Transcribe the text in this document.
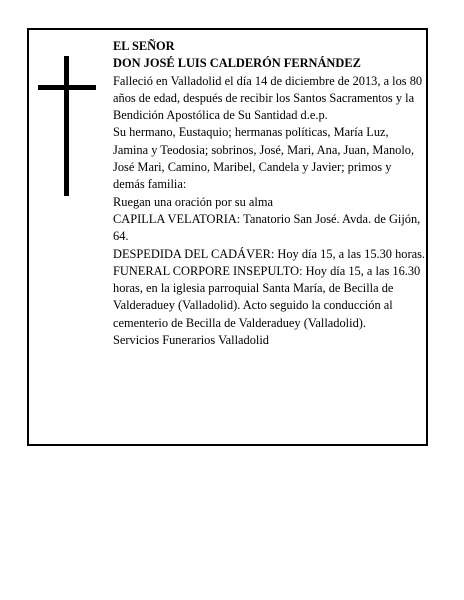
EL SEÑOR

DON JOSÉ LUIS CALDERÓN FERNÁNDEZ

Falleció en Valladolid el día 14 de diciembre de 2013, a los 80 años de edad, después de recibir los Santos Sacramentos y la Bendición Apostólica de Su Santidad d.e.p.

Su hermano, Eustaquio; hermanas políticas, María Luz, Jamina y Teodosia; sobrinos, José, Mari, Ana, Juan, Manolo, José Mari, Camino, Maribel, Candela y Javier; primos y demás familia:

Ruegan una oración por su alma

CAPILLA VELATORIA: Tanatorio San José. Avda. de Gijón, 64.

DESPEDIDA DEL CADÁVER: Hoy día 15, a las 15.30 horas.

FUNERAL CORPORE INSEPULTO: Hoy día 15, a las 16.30 horas, en la iglesia parroquial Santa María, de Becilla de Valderaduey (Valladolid). Acto seguido la conducción al cementerio de Becilla de Valderaduey (Valladolid).

Servicios Funerarios Valladolid
